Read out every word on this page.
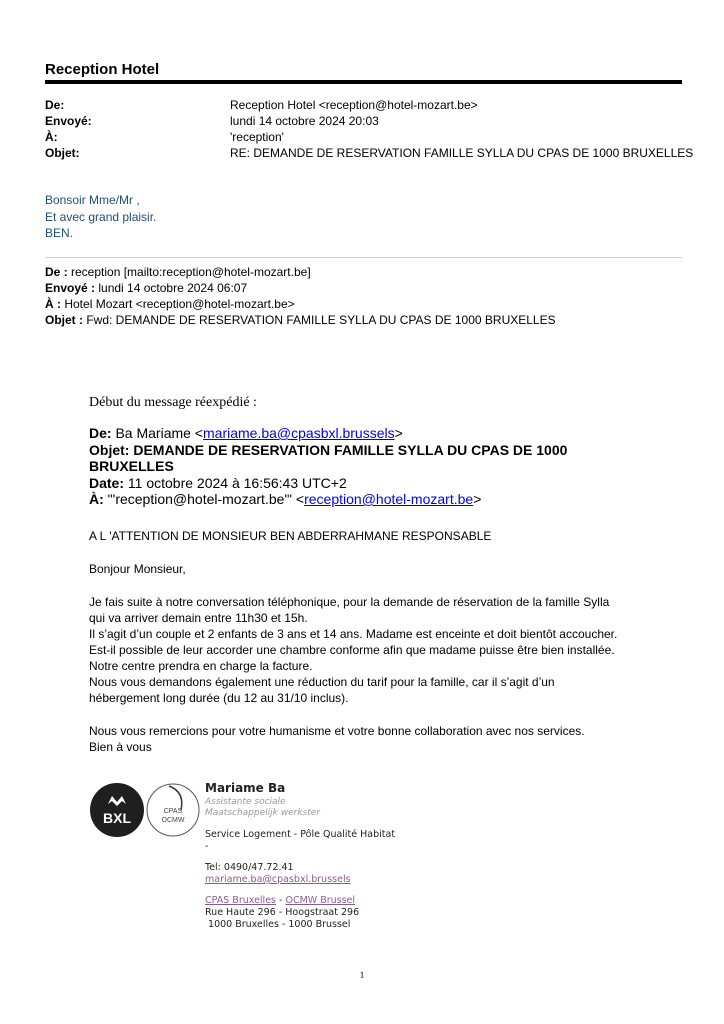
Reception Hotel
De:	Reception Hotel <reception@hotel-mozart.be>
Envoyé:	lundi 14 octobre 2024 20:03
À:	'reception'
Objet:	RE: DEMANDE DE RESERVATION FAMILLE SYLLA DU CPAS DE 1000 BRUXELLES
Bonsoir Mme/Mr ,
Et avec grand plaisir.
BEN.
De : reception [mailto:reception@hotel-mozart.be]
Envoyé : lundi 14 octobre 2024 06:07
À : Hotel Mozart <reception@hotel-mozart.be>
Objet : Fwd: DEMANDE DE RESERVATION FAMILLE SYLLA DU CPAS DE 1000 BRUXELLES
Début du message réexpédié :
De: Ba Mariame <mariame.ba@cpasbxl.brussels>
Objet: DEMANDE DE RESERVATION FAMILLE SYLLA DU CPAS DE 1000 BRUXELLES
Date: 11 octobre 2024 à 16:56:43 UTC+2
À: "'reception@hotel-mozart.be'" <reception@hotel-mozart.be>
A L 'ATTENTION DE MONSIEUR BEN ABDERRAHMANE RESPONSABLE
Bonjour Monsieur,
Je fais suite à notre conversation téléphonique, pour la demande de réservation de la famille Sylla
qui va arriver demain entre 11h30 et 15h.
Il s’agit d’un couple et 2 enfants de 3 ans et 14 ans. Madame est enceinte et doit bientôt accoucher.
Est-il possible de leur accorder une chambre conforme afin que madame puisse être bien installée.
Notre centre prendra en charge la facture.
Nous vous demandons également une réduction du tarif pour la famille, car il s’agit d’un
hébergement long durée (du 12 au 31/10 inclus).
Nous vous remercions pour votre humanisme et votre bonne collaboration avec nos services.
Bien à vous
BXL	CPAS
OCMW
Mariame Ba
Assistante sociale
Maatschappelijk werkster
Service Logement - Pôle Qualité Habitat
-
Tel: 0490/47.72.41
mariame.ba@cpasbxl.brussels
CPAS Bruxelles - OCMW Brussel
Rue Haute 296 - Hoogstraat 296
1000 Bruxelles - 1000 Brussel
1
